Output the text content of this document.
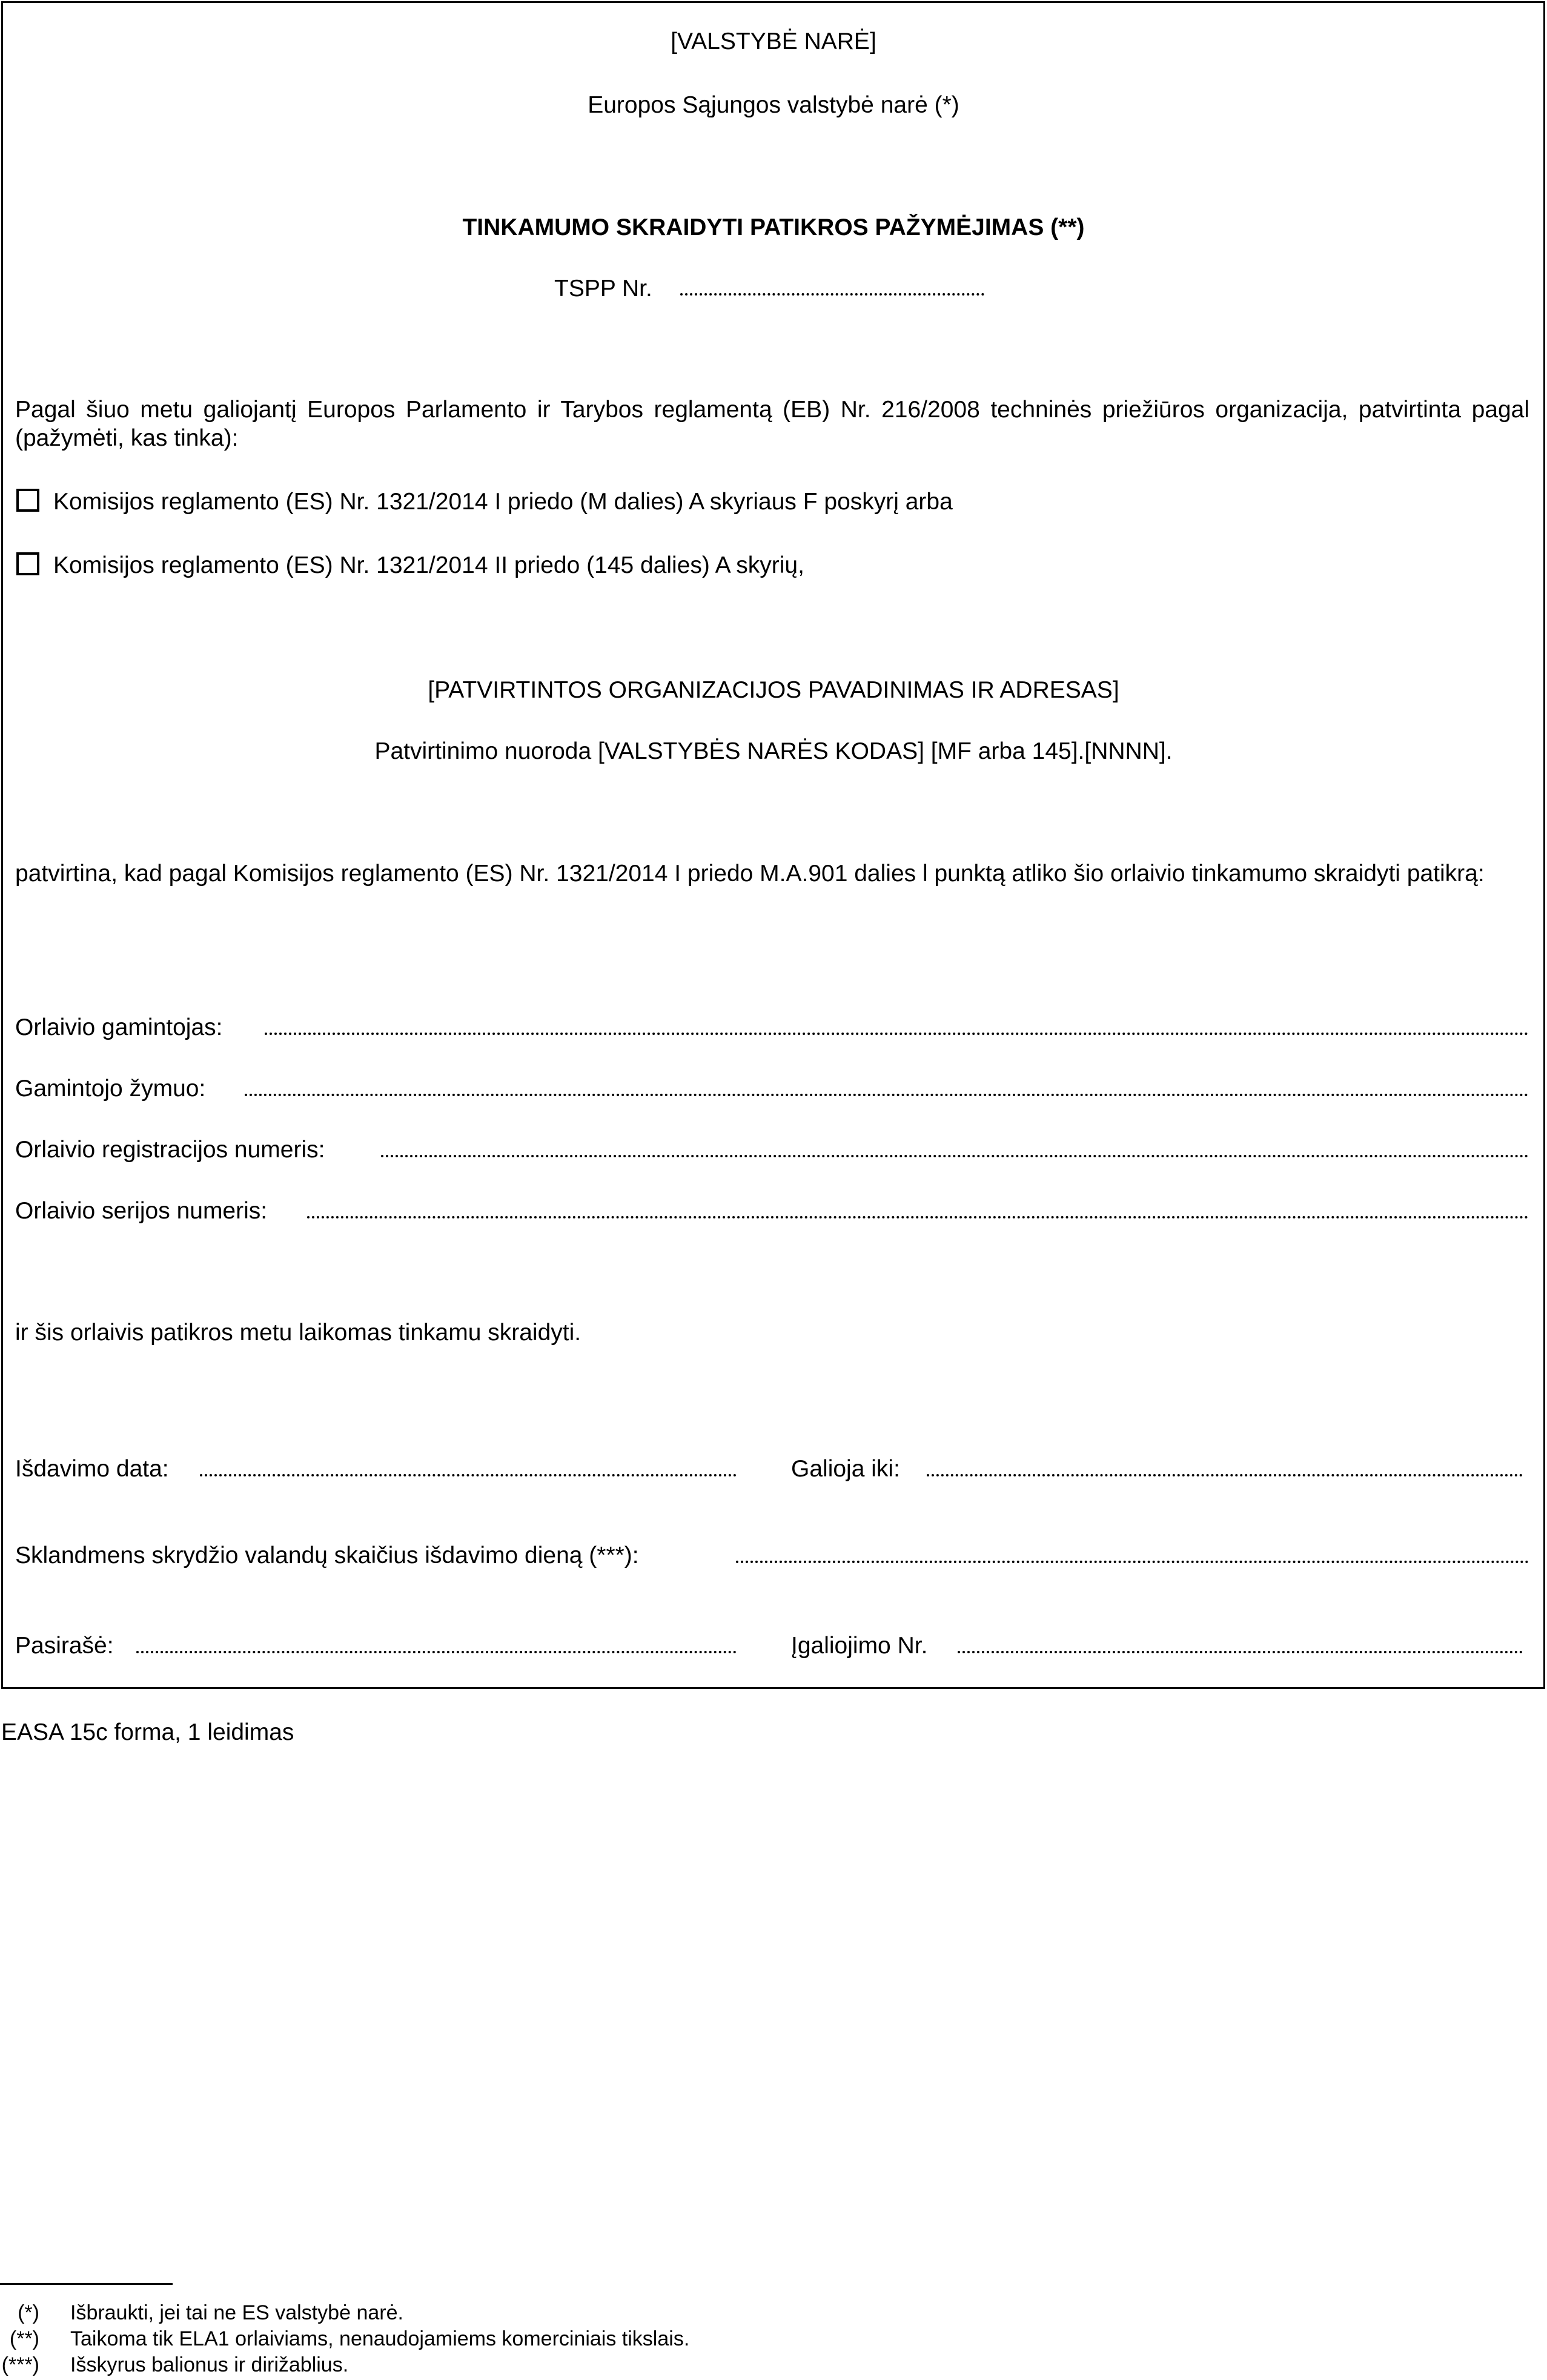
[VALSTYBĖ NARĖ]
Europos Sąjungos valstybė narė (*)
TINKAMUMO SKRAIDYTI PATIKROS PAŽYMĖJIMAS (**)
TSPP Nr.
Pagal šiuo metu galiojantį Europos Parlamento ir Tarybos reglamentą (EB) Nr. 216/2008 techninės priežiūros organizacija, patvirtinta pagal (pažymėti, kas tinka):
Komisijos reglamento (ES) Nr. 1321/2014 I priedo (M dalies) A skyriaus F poskyrį arba
Komisijos reglamento (ES) Nr. 1321/2014 II priedo (145 dalies) A skyrių,
[PATVIRTINTOS ORGANIZACIJOS PAVADINIMAS IR ADRESAS]
Patvirtinimo nuoroda [VALSTYBĖS NARĖS KODAS] [MF arba 145].[NNNN].
patvirtina, kad pagal Komisijos reglamento (ES) Nr. 1321/2014 I priedo M.A.901 dalies l punktą atliko šio orlaivio tinkamumo skraidyti patikrą:
Orlaivio gamintojas:
Gamintojo žymuo:
Orlaivio registracijos numeris:
Orlaivio serijos numeris:
ir šis orlaivis patikros metu laikomas tinkamu skraidyti.
Išdavimo data:	Galioja iki:
Sklandmens skrydžio valandų skaičius išdavimo dieną (***):
Pasirašė:	Įgaliojimo Nr.
EASA 15c forma, 1 leidimas
(*) Išbraukti, jei tai ne ES valstybė narė.
(**) Taikoma tik ELA1 orlaiviams, nenaudojamiems komerciniais tikslais.
(***) Išskyrus balionus ir dirižablius.
